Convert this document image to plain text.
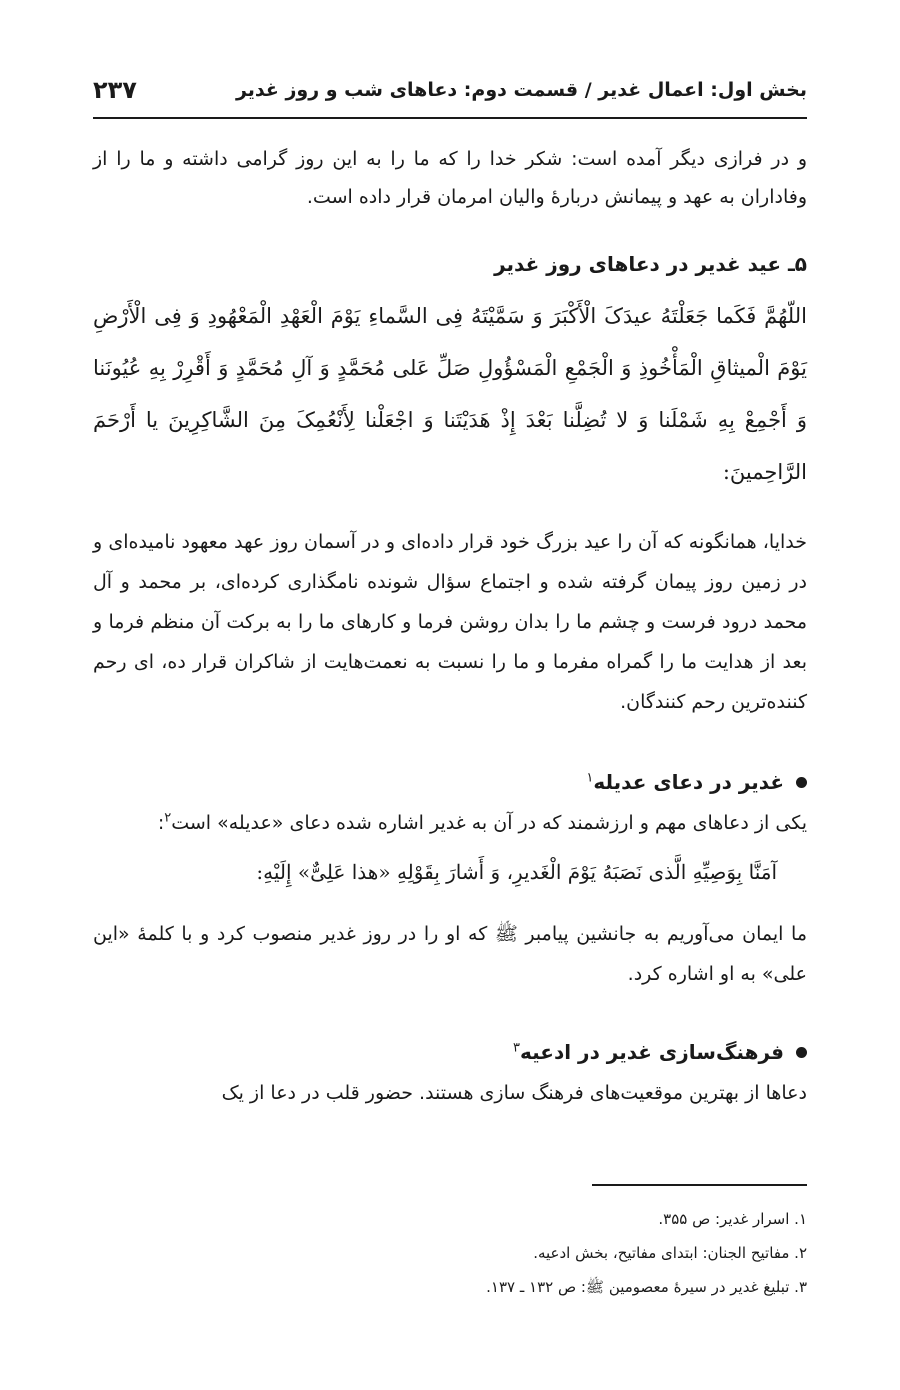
بخش اول: اعمال غدیر / قسمت دوم: دعاهای شب و روز غدیر
۲۳۷

و در فرازی دیگر آمده است: شکر خدا را که ما را به این روز گرامی داشته و ما را از وفاداران به عهد و پیمانش دربارهٔ والیان امرمان قرار داده است.

۵ـ عید غدیر در دعاهای روز غدیر

اللّهُمَّ فَکَما جَعَلْتَهُ عیدَکَ الْأَکْبَرَ وَ سَمَّیْتَهُ فِی السَّماءِ یَوْمَ الْعَهْدِ الْمَعْهُودِ وَ فِی الْأَرْضِ یَوْمَ الْمیثاقِ الْمَأْخُوذِ وَ الْجَمْعِ الْمَسْؤُولِ صَلِّ عَلی مُحَمَّدٍ وَ آلِ مُحَمَّدٍ وَ أَقْرِرْ بِهِ عُیُونَنا وَ أَجْمِعْ بِهِ شَمْلَنا وَ لا تُضِلَّنا بَعْدَ إِذْ هَدَیْتَنا وَ اجْعَلْنا لِأَنْعُمِکَ مِنَ الشَّاکِرِینَ یا أَرْحَمَ الرَّاحِمینَ:

خدایا، همانگونه که آن را عید بزرگ خود قرار داده‌ای و در آسمان روز عهد معهود نامیده‌ای و در زمین روز پیمان گرفته شده و اجتماع سؤال شونده نامگذاری کرده‌ای، بر محمد و آل محمد درود فرست و چشم ما را بدان روشن فرما و کارهای ما را به برکت آن منظم فرما و بعد از هدایت ما را گمراه مفرما و ما را نسبت به نعمت‌هایت از شاکران قرار ده، ای رحم کننده‌ترین رحم کنندگان.

غدیر در دعای عدیله$^۱$

یکی از دعاهای مهم و ارزشمند که در آن به غدیر اشاره شده دعای «عدیله» است$^۲$:

آمَنَّا بِوَصِیِّهِ الَّذی نَصَبَهُ یَوْمَ الْغَدیرِ، وَ أَشارَ بِقَوْلِهِ «هذا عَلِیٌّ» إِلَیْهِ:

ما ایمان می‌آوریم به جانشین پیامبر ﷺ که او را در روز غدیر منصوب کرد و با کلمهٔ «این علی» به او اشاره کرد.

فرهنگ‌سازی غدیر در ادعیه$^۳$

دعاها از بهترین موقعیت‌های فرهنگ سازی هستند. حضور قلب در دعا از یک

۱. اسرار غدیر: ص ۳۵۵.

۲. مفاتیح الجنان: ابتدای مفاتیح، بخش ادعیه.

۳. تبلیغ غدیر در سیرهٔ معصومین ﷺ: ص ۱۳۲ ـ ۱۳۷.
